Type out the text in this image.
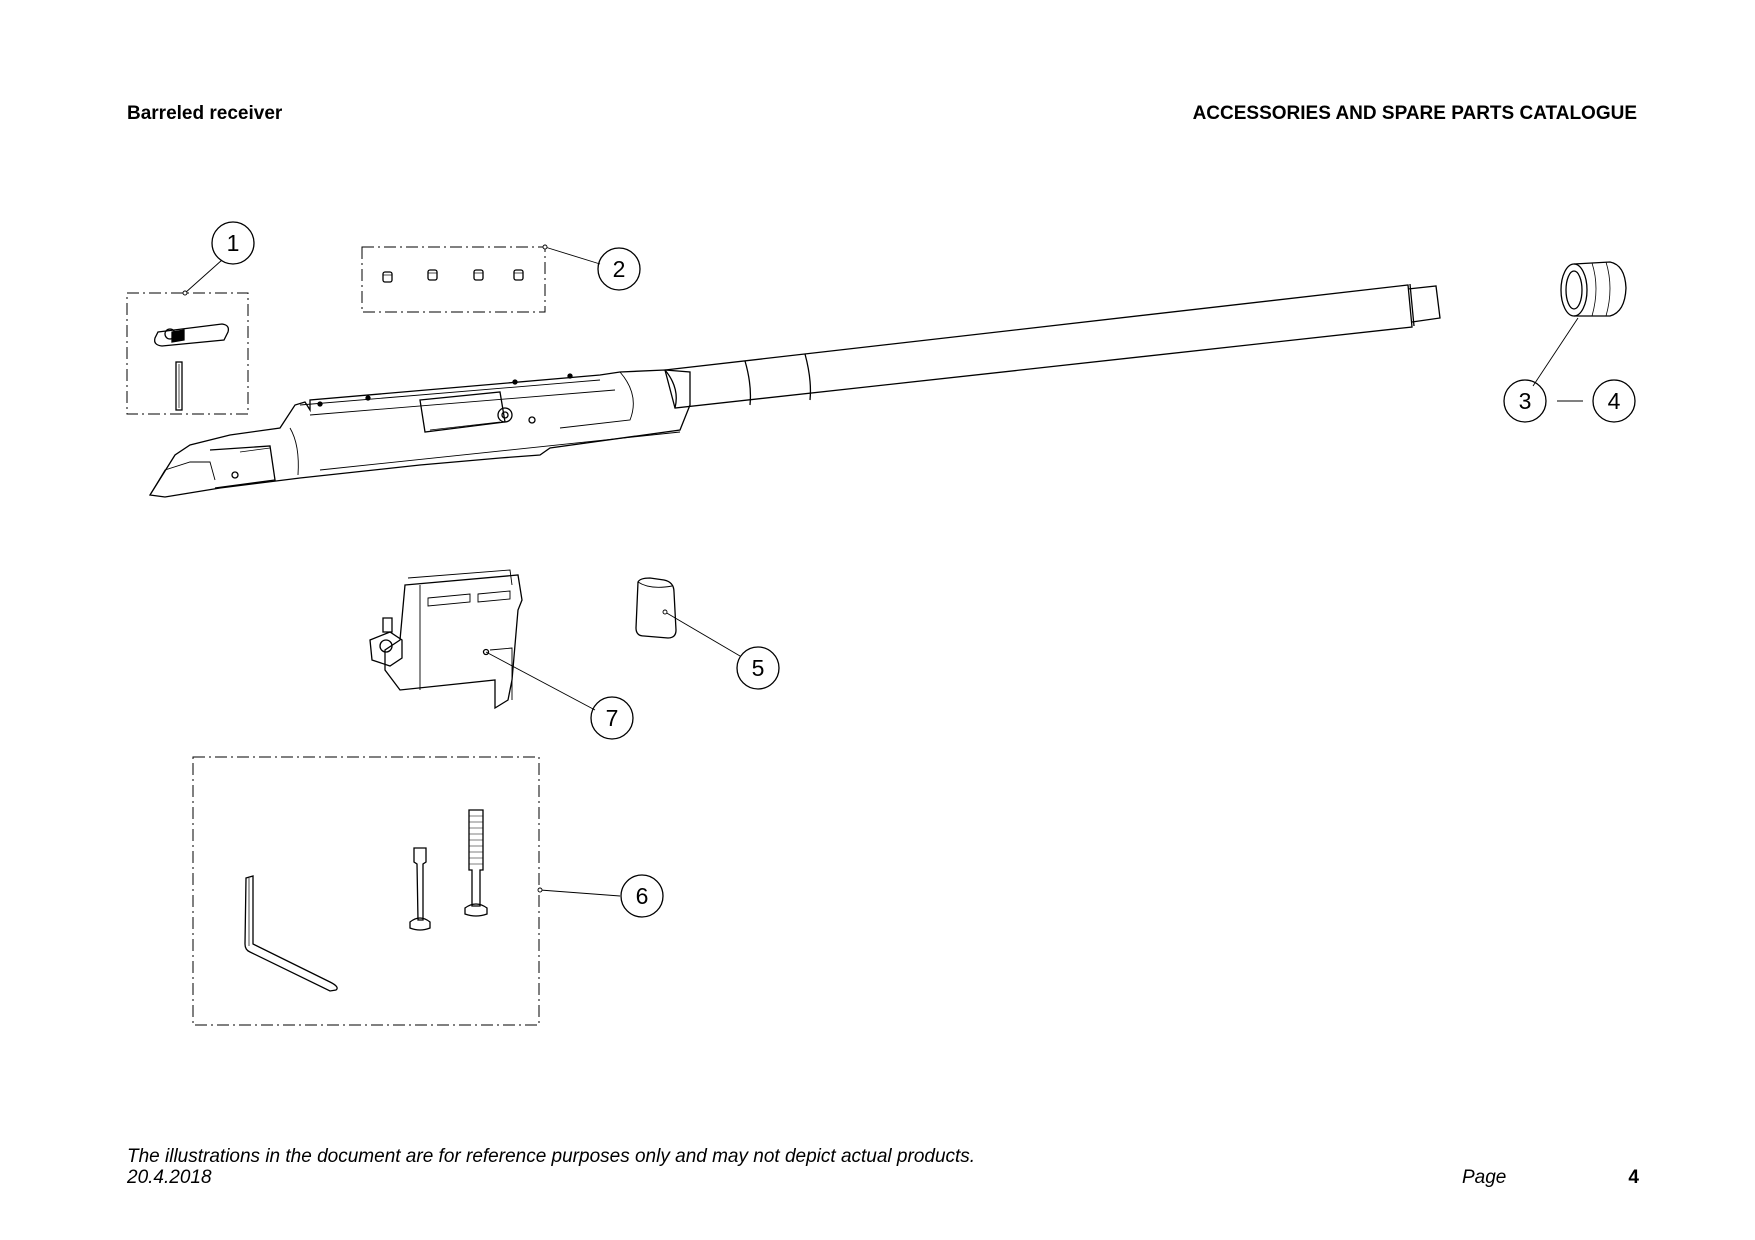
Barreled receiver	ACCESSORIES AND SPARE PARTS CATALOGUE
1
2
3	4
5
6
7
The illustrations in the document are for reference purposes only and may not depict actual products.
20.4.2018	Page	4
